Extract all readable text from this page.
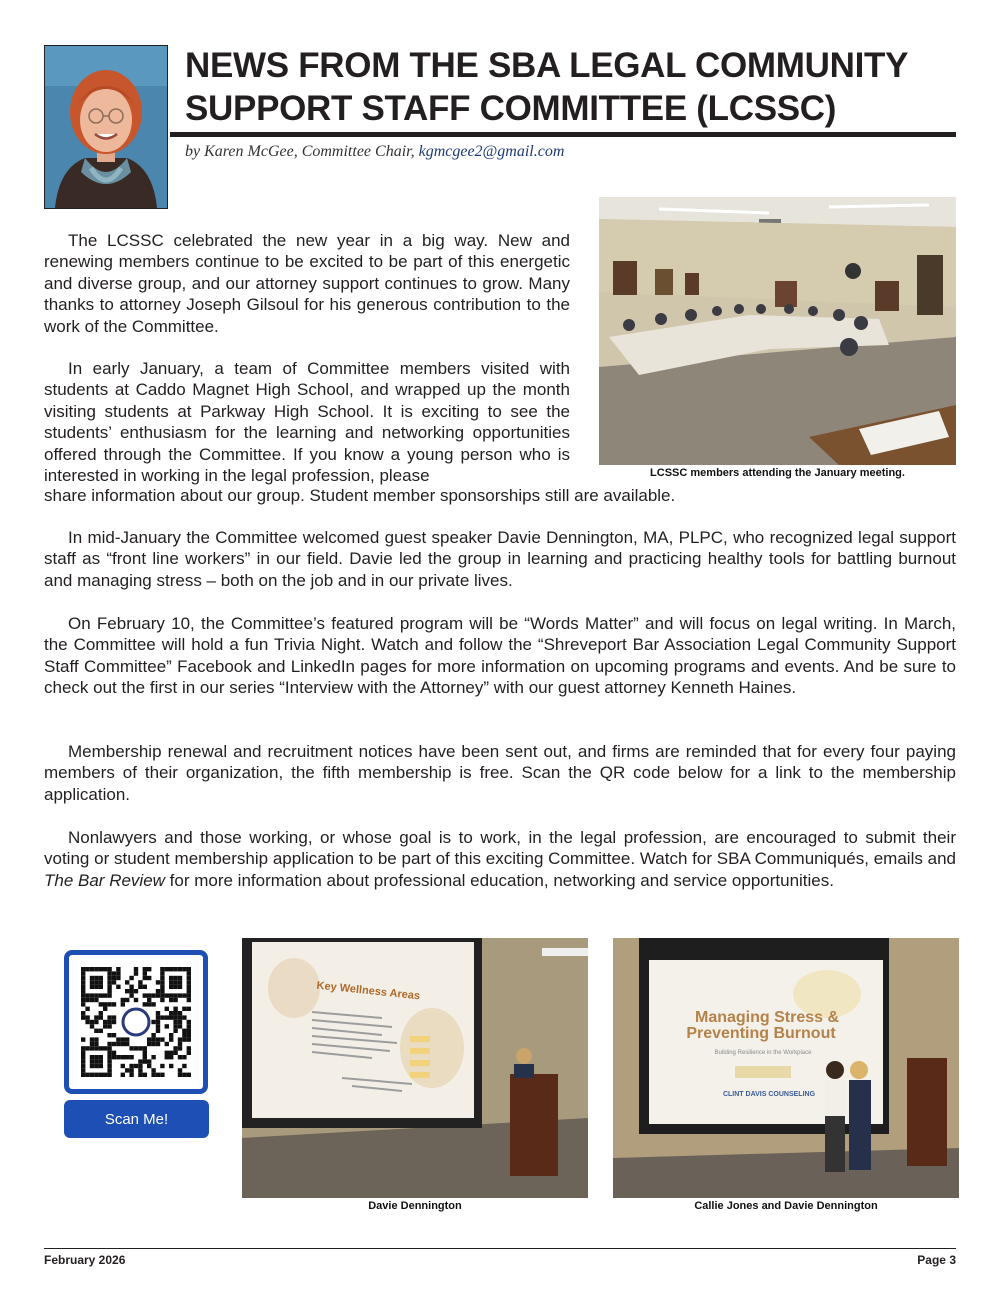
NEWS FROM THE SBA LEGAL COMMUNITY SUPPORT STAFF COMMITTEE (LCSSC)
by Karen McGee, Committee Chair, kgmcgee2@gmail.com

The LCSSC celebrated the new year in a big way. New and renewing members continue to be excited to be part of this energetic and diverse group, and our attorney support continues to grow. Many thanks to attorney Joseph Gilsoul for his generous contribution to the work of the Committee.

In early January, a team of Committee members visited with students at Caddo Magnet High School, and wrapped up the month visiting students at Parkway High School. It is exciting to see the students’ enthusiasm for the learning and networking opportunities offered through the Committee. If you know a young person who is interested in working in the legal profession, please

share information about our group. Student member sponsorships still are available.

In mid-January the Committee welcomed guest speaker Davie Dennington, MA, PLPC, who recognized legal support staff as “front line workers” in our field. Davie led the group in learning and practicing healthy tools for battling burnout and managing stress – both on the job and in our private lives.

On February 10, the Committee’s featured program will be “Words Matter” and will focus on legal writing. In March, the Committee will hold a fun Trivia Night. Watch and follow the “Shreveport Bar Association Legal Community Support Staff Committee” Facebook and LinkedIn pages for more information on upcoming programs and events. And be sure to check out the first in our series “Interview with the Attorney” with our guest attorney Kenneth Haines.

Membership renewal and recruitment notices have been sent out, and firms are reminded that for every four paying members of their organization, the fifth membership is free. Scan the QR code below for a link to the membership application.

Nonlawyers and those working, or whose goal is to work, in the legal profession, are encouraged to submit their voting or student membership application to be part of this exciting Committee. Watch for SBA Communiqués, emails and The Bar Review for more information about professional education, networking and service opportunities.

LCSSC members attending the January meeting.
Scan Me!
Key Wellness Areas
Davie Dennington
Managing Stress &
Preventing Burnout
Building Resilience in the Workplace
CLINT DAVIS COUNSELING
Callie Jones and Davie Dennington
February 2026	Page 3
